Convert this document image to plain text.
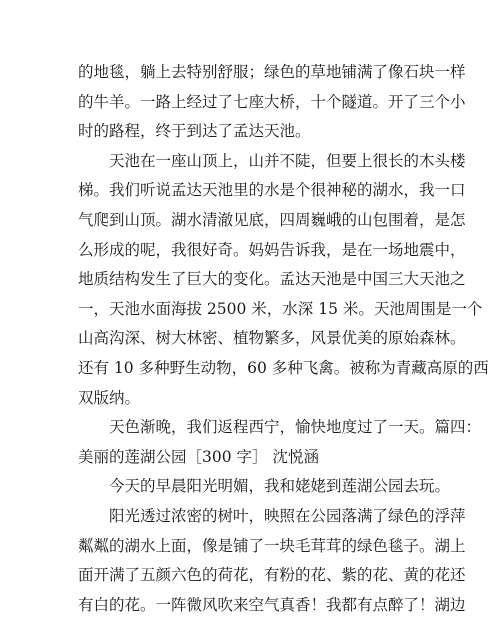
的地毯，躺上去特别舒服；绿色的草地铺满了像石块一样
的牛羊。一路上经过了七座大桥，十个隧道。开了三个小
时的路程，终于到达了孟达天池。
天池在一座山顶上，山并不陡，但要上很长的木头楼
梯。我们听说孟达天池里的水是个很神秘的湖水，我一口
气爬到山顶。湖水清澈见底，四周巍峨的山包围着，是怎
么形成的呢，我很好奇。妈妈告诉我，是在一场地震中，
地质结构发生了巨大的变化。孟达天池是中国三大天池之
一，天池水面海拔 2500 米，水深 15 米。天池周围是一个
山高沟深、树大林密、植物繁多，风景优美的原始森林。
还有 10 多种野生动物，60 多种飞禽。被称为青藏高原的西
双版纳。
天色渐晚，我们返程西宁，愉快地度过了一天。篇四：
美丽的莲湖公园［300 字］ 沈悦涵
今天的早晨阳光明媚，我和姥姥到莲湖公园去玩。
阳光透过浓密的树叶，映照在公园落满了绿色的浮萍
粼粼的湖水上面，像是铺了一块毛茸茸的绿色毯子。湖上
面开满了五颜六色的荷花，有粉的花、紫的花、黄的花还
有白的花。一阵微风吹来空气真香！我都有点醉了！湖边
